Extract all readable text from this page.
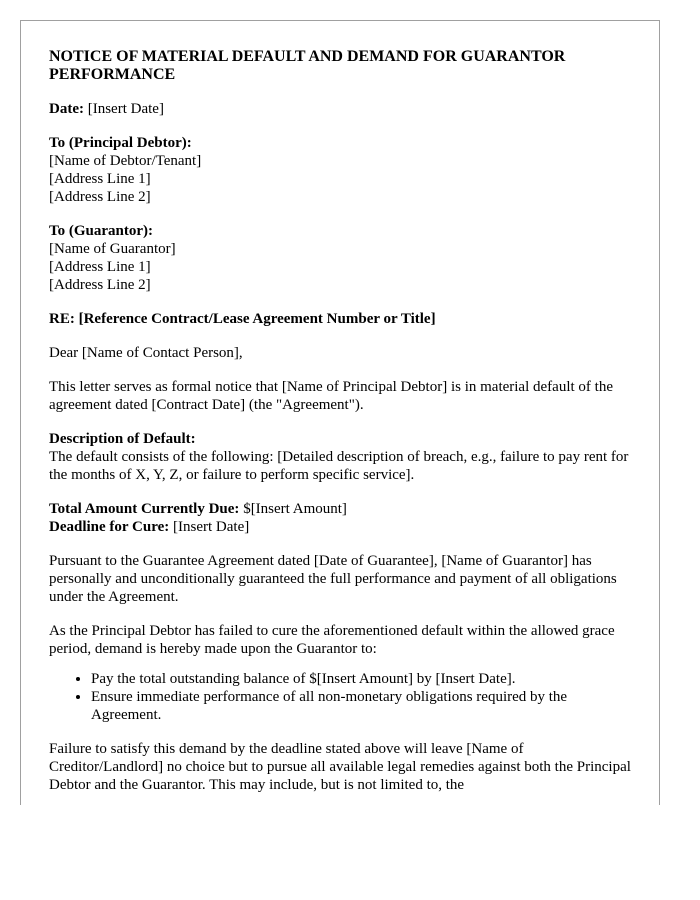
NOTICE OF MATERIAL DEFAULT AND DEMAND FOR GUARANTOR PERFORMANCE
Date: [Insert Date]
To (Principal Debtor):
[Name of Debtor/Tenant]
[Address Line 1]
[Address Line 2]
To (Guarantor):
[Name of Guarantor]
[Address Line 1]
[Address Line 2]
RE: [Reference Contract/Lease Agreement Number or Title]
Dear [Name of Contact Person],
This letter serves as formal notice that [Name of Principal Debtor] is in material default of the agreement dated [Contract Date] (the "Agreement").
Description of Default:
The default consists of the following: [Detailed description of breach, e.g., failure to pay rent for the months of X, Y, Z, or failure to perform specific service].
Total Amount Currently Due: $[Insert Amount]
Deadline for Cure: [Insert Date]
Pursuant to the Guarantee Agreement dated [Date of Guarantee], [Name of Guarantor] has personally and unconditionally guaranteed the full performance and payment of all obligations under the Agreement.
As the Principal Debtor has failed to cure the aforementioned default within the allowed grace period, demand is hereby made upon the Guarantor to:
• Pay the total outstanding balance of $[Insert Amount] by [Insert Date].
• Ensure immediate performance of all non-monetary obligations required by the Agreement.
Failure to satisfy this demand by the deadline stated above will leave [Name of Creditor/Landlord] no choice but to pursue all available legal remedies against both the Principal Debtor and the Guarantor. This may include, but is not limited to, the
